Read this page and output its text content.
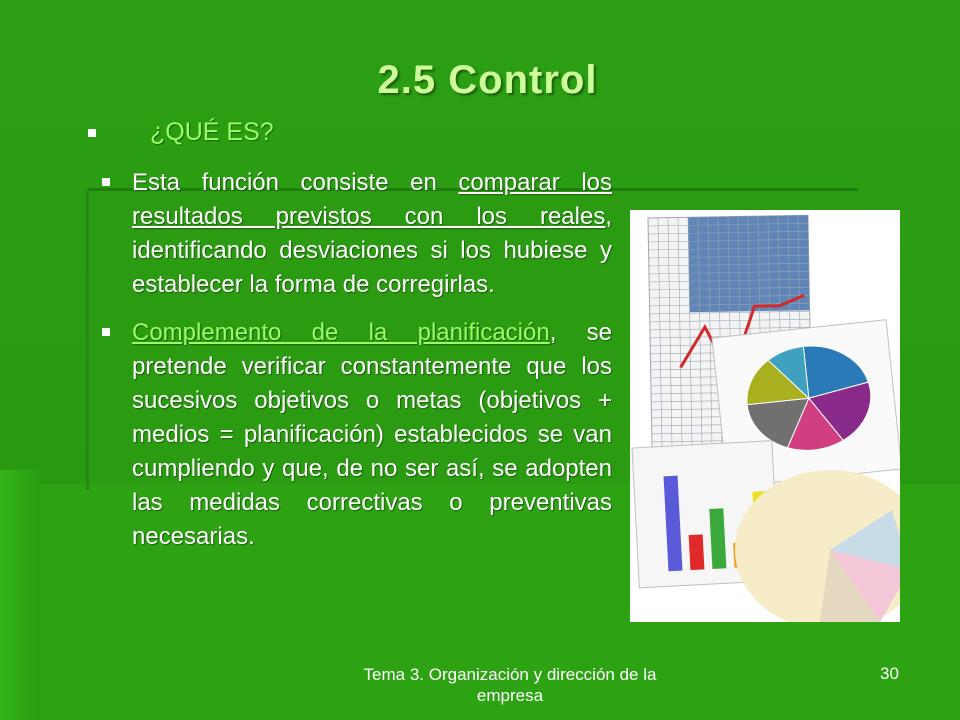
2.5 Control
¿QUÉ ES?
Esta función consiste en comparar los resultados previstos con los reales, identificando desviaciones si los hubiese y establecer la forma de corregirlas.
Complemento de la planificación, se pretende verificar constantemente que los sucesivos objetivos o metas (objetivos + medios = planificación) establecidos se van cumpliendo y que, de no ser así, se adopten las medidas correctivas o preventivas necesarias.
Tema 3. Organización y dirección de la empresa
30
